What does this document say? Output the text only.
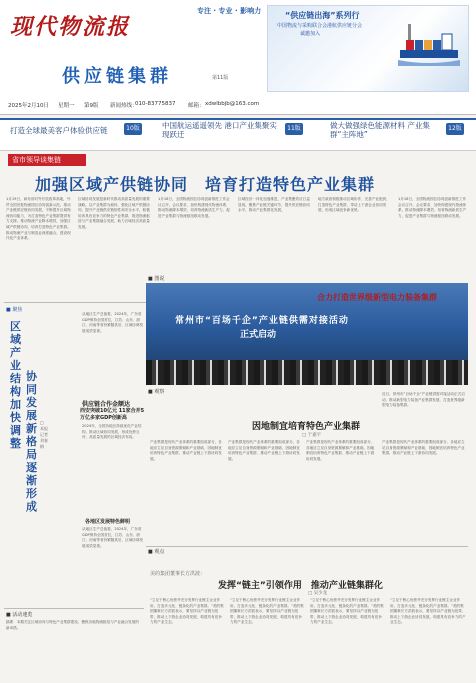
现代物流报
专注 · 专业 · 影响力
供应链集群	第11版
“供应链出海”系列行
中国物流与采购联合会港航供应链分会
诚邀加入
2025年2月10日 星期一 第9版 新闻热线：
010-83775837 邮箱： xdwlbbjb@163.com
打造全球最美客户体验供应链	10版	中国航运遥遥领先 港口产业集聚实现跃迁
11版	做大做强绿色能源材料 产业集群“主阵地”
12版
省市领导谈集链
加强区域产供链协同　培育打造特色产业集群
1月19日，商务部对外开放改革高地，外贸全国首批物流园区协同创新示范，推动产业链供应链协同发展，不断提升区域物流协同能力，为打造特色产业集群提供有力支撑。推动物流产业降本增效，加强区域产供链协同，培育打造特色产业集群。推动物流产业与制造业深度融合，建设现代化产业体系。
区域协同发展是新时代推动高质量发展的重要战略。以产业集群为载体，强化区域产供链协同，提升产业链供应链韧性和安全水平，积极培育具有竞争力的特色产业集群，推进物流枢纽与产业集群融合发展，助力区域经济高质量发展。
1月16日，全国物流园区协同创新推进工作会议召开。会议要求，加快构建现代物流体系，推动物流降本增效，培育物流新质生产力，促进产业集群与物流枢纽联动发展。
区域经济一体化加速推进，产业集聚效应日益显现。聚焦产业链关键环节，提升供应链协同水平，推动产业集群化发展。
地方政府积极推动区域协作，完善产业配套，打造特色产业集群，带动上下游企业协同发展，形成区域竞争新优势。
1月16日，全国物流园区协同创新推进工作会议召开。会议要求，加快构建现代物流体系，推动物流降本增效，培育物流新质生产力，促进产业集群与物流枢纽联动发展。
■ 聚焦
区域产业结构加快调整
协同发展新格局逐渐形成
□ 本报记者 刘春梅
供应链合作金额达
从地区生产总值看，2024年，广东省GDP保持全国首位，江苏、山东、浙江、河南等省份紧随其后，区域协调发展成效显著。
西安突破10亿元 11家合并5万亿多家GDP创新高
2024年，全国各地区持续优化产业结构，推动区域协同发展，形成优势互补、高质量发展的区域经济布局。
各地区发展特色鲜明
从地区生产总值看，2024年，广东省GDP保持全国首位，江苏、山东、浙江、河南等省份紧随其后，区域协调发展成效显著。
■ 图说
合力打造世界级新型电力装备集群
常州市“百场千企”产业链供需对接活动
正式启动
■ 观察
因地制宜培育特色产业集群
□ 于嘉宇
产业集群是现代产业体系的重要组成部分，各地应立足自身资源禀赋和产业基础，因地制宜培育特色产业集群，推动产业链上下游协同发展。
产业集群是现代产业体系的重要组成部分，各地应立足自身资源禀赋和产业基础，因地制宜培育特色产业集群，推动产业链上下游协同发展。
产业集群是现代产业体系的重要组成部分，各地应立足自身资源禀赋和产业基础，因地制宜培育特色产业集群，推动产业链上下游协同发展。
近日，常州市“百场千企”产业链供需对接活动正式启动，推动新型电力装备产业集群发展，打造世界级新型电力装备集群。
产业集群是现代产业体系的重要组成部分，各地应立足自身资源禀赋和产业基础，因地制宜培育特色产业集群，推动产业链上下游协同发展。
■ 观点
美的集团董事长方洪波：
发挥“链主”引领作用　推动产业链集群化
□ 吴少龙
“立足于核心优势并充分发挥行业链主企业作用，打造多元化、链条化的产业集群。”美的集团董事长方洪波表示，要坚持以产业链为纽带，推动上下游企业协同发展，构建具有竞争力的产业生态。
“立足于核心优势并充分发挥行业链主企业作用，打造多元化、链条化的产业集群。”美的集团董事长方洪波表示，要坚持以产业链为纽带，推动上下游企业协同发展，构建具有竞争力的产业生态。
“立足于核心优势并充分发挥行业链主企业作用，打造多元化、链条化的产业集群。”美的集团董事长方洪波表示，要坚持以产业链为纽带，推动上下游企业协同发展，构建具有竞争力的产业生态。
“立足于核心优势并充分发挥行业链主企业作用，打造多元化、链条化的产业集群。”美的集团董事长方洪波表示，要坚持以产业链为纽带，推动上下游企业协同发展，构建具有竞争力的产业生态。
■ 活动速览
摘要：本期关注区域协同与特色产业集群建设，聚焦各地物流枢纽与产业融合发展的新举措。
